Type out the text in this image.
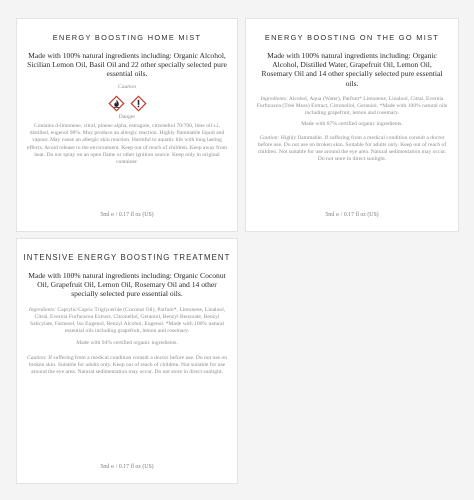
ENERGY BOOSTING HOME MIST
Made with 100% natural ingredients including: Organic Alcohol, Sicilian Lemon Oil, Basil Oil and 22 other specially selected pure essential oils.
Caution
Danger
Contains d-limonene, citral, pinene alpha, estragole, citronellol 70/700, lime oil s.i. distilled, eugenol 98%. May produce an allergic reaction. Highly flammable liquid and vapour. May cause an allergic skin reaction. Harmful to aquatic life with long lasting effects. Avoid release to the environment. Keep out of reach of children. Keep away from heat. Do not spray on an open flame or other ignition source. Keep only in original container.
5ml ℮ / 0.17 fl oz (US)
ENERGY BOOSTING ON THE GO MIST
Made with 100% natural ingredients including: Organic Alcohol, Distilled Water, Grapefruit Oil, Lemon Oil, Rosemary Oil and 14 other specially selected pure essential oils.
Ingredients: Alcohol, Aqua (Water), Parfum* Limonene, Linalool, Citral, Evernia Furfuracea (Tree Moss) Extract, Citronellol, Geraniol. *Made with 100% natural oils including grapefruit, lemon and rosemary.
Made with 87% certified organic ingredients.
Caution: Highly flammable. If suffering from a medical condition consult a doctor before use. Do not use on broken skin. Suitable for adults only. Keep out of reach of children. Not suitable for use around the eye area. Natural sedimentation may occur. Do not store in direct sunlight.
5ml ℮ / 0.17 fl oz (US)
INTENSIVE ENERGY BOOSTING TREATMENT
Made with 100% natural ingredients including: Organic Coconut Oil, Grapefruit Oil, Lemon Oil, Rosemary Oil and 14 other specially selected pure essential oils.
Ingredients: Caprylic/Capric Triglyceride (Coconut Oil), Parfum*, Limonene, Linalool, Citral, Evernia Furfuracea Extract, Citronellol, Geraniol, Benzyl Benzoate, Benzyl Salicylate, Farnesol, Iso Eugenol, Benzyl Alcohol, Eugenol. *Made with 100% natural essential oils including grapefruit, lemon and rosemary.
Made with 94% certified organic ingredients.
Caution: If suffering from a medical condition consult a doctor before use. Do not use on broken skin. Suitable for adults only. Keep out of reach of children. Not suitable for use around the eye area. Natural sedimentation may occur. Do not store in direct sunlight.
5ml ℮ / 0.17 fl oz (US)
